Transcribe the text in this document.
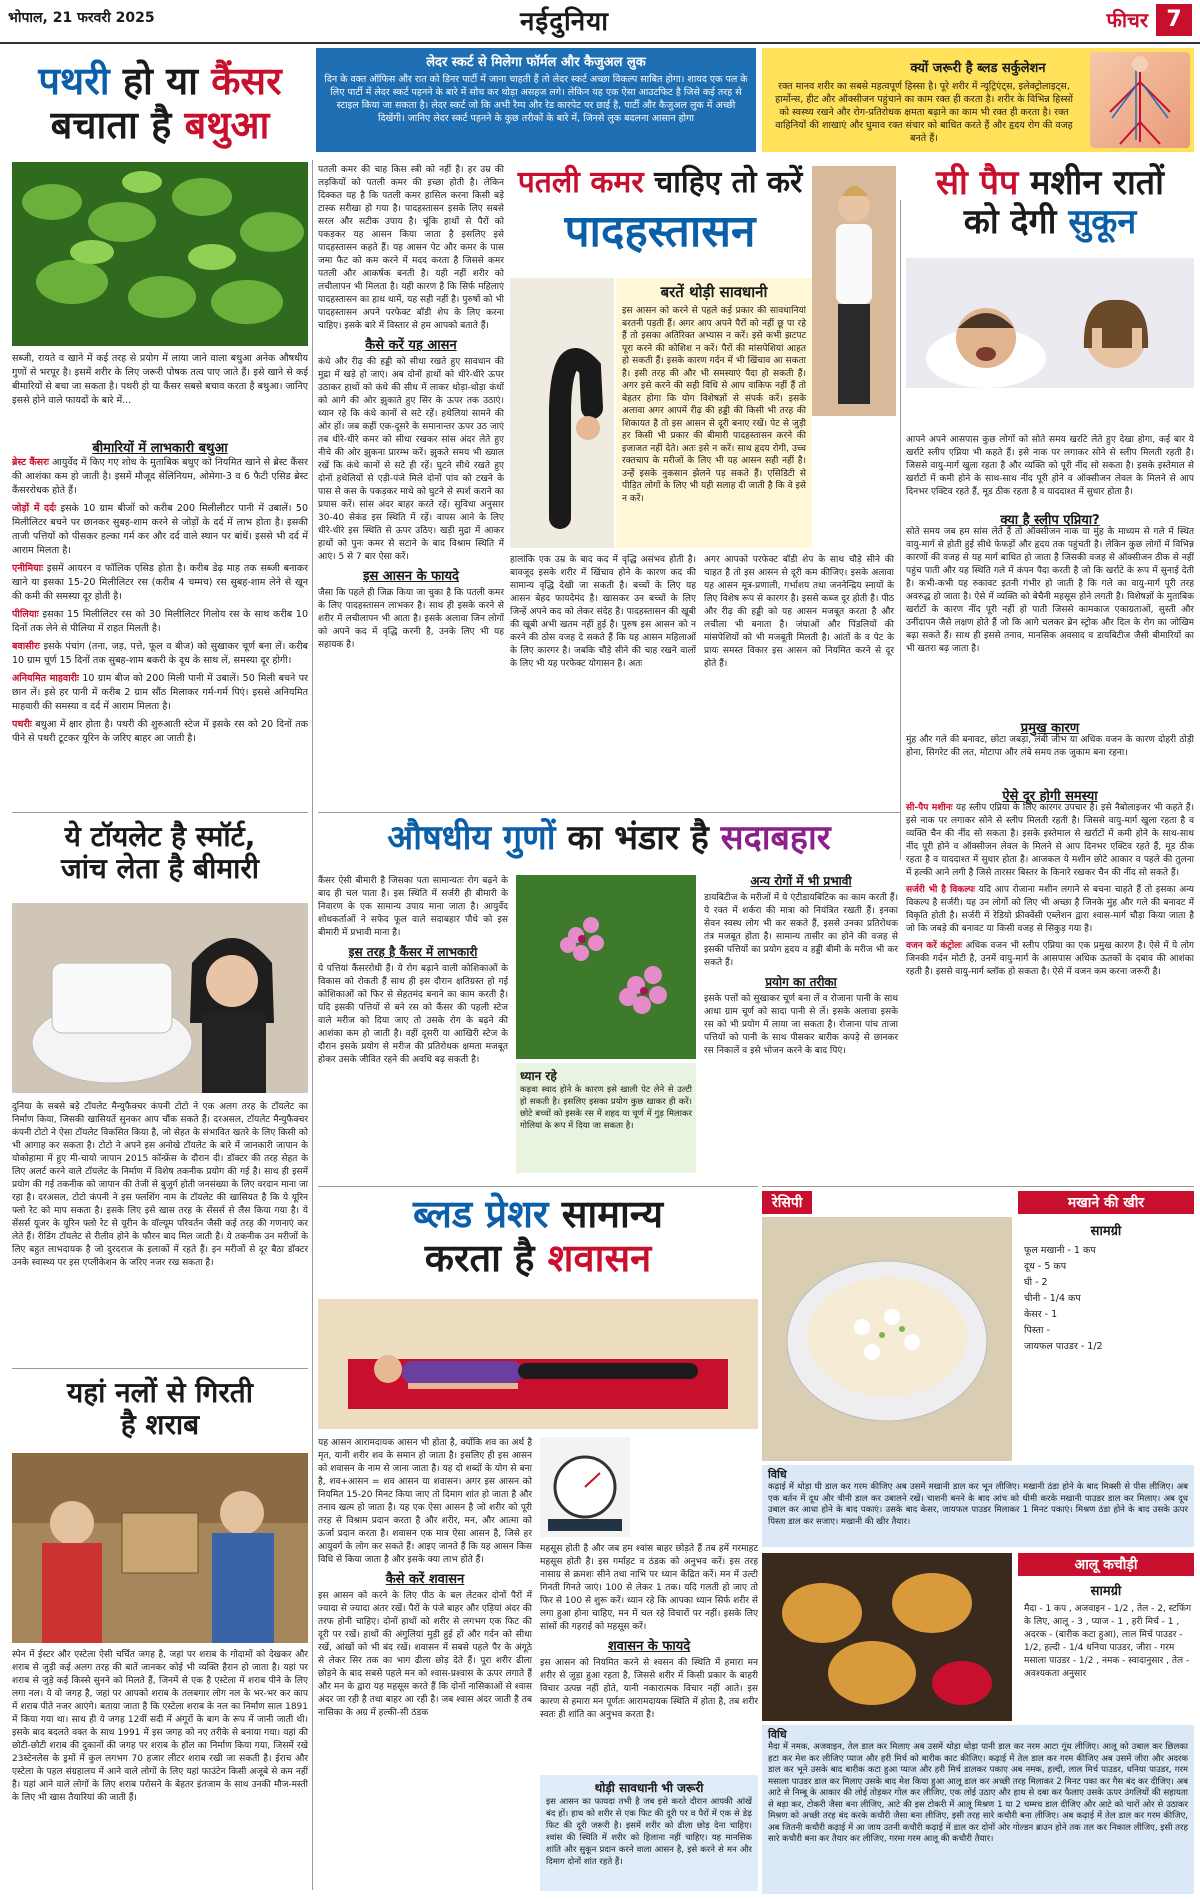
भोपाल, 21 फरवरी 2025	नईदुनिया	फीचर 7
लेदर स्कर्ट से मिलेगा फॉर्मल और कैजुअल लुक
दिन के वक्त ऑफिस और रात को डिनर पार्टी में जाना चाहती हैं तो लेदर स्कर्ट अच्छा विकल्प साबित होगा। शायद एक पल के लिए पार्टी में लेदर स्कर्ट पहनने के बारे में सोच कर थोड़ा असहज लगे। लेकिन यह एक ऐसा आउटफिट है जिसे कई तरह से स्टाइल किया जा सकता है। लेदर स्कर्ट जो कि अभी रैम्प और रेड कारपेट पर छाई है, पार्टी और कैजुअल लुक में अच्छी दिखेंगी। जानिए लेदर स्कर्ट पहनने के कुछ तरीकों के बारे में, जिनसे लुक बदलना आसान होगा
क्यों जरूरी है ब्लड सर्कुलेशन
रक्त मानव शरीर का सबसे महत्वपूर्ण हिस्सा है। पूरे शरीर में न्यूट्रिएंट्स, इलेक्ट्रोलाइट्स, हार्मोन्स, हीट और ऑक्सीजन पहुंचाने का काम रक्त ही करता है। शरीर के विभिन्न हिस्सों को स्वस्थ्य रखने और रोग-प्रतिरोधक क्षमता बढ़ाने का काम भी रक्त ही करता है। रक्त वाहिनियों की शाखाएं और घुमाव रक्त संचार को बाधित करते हैं और हृदय रोग की वजह बनते हैं।
पथरी हो या कैंसर
बचाता है बथुआ
सब्जी, रायते व खाने में कई तरह से प्रयोग में लाया जाने वाला बथुआ अनेक औषधीय गुणों से भरपूर है। इसमें शरीर के लिए जरूरी पोषक तत्व पाए जाते हैं। इसे खाने से कई बीमारियों से बचा जा सकता है। पथरी हो या कैंसर सबसे बचाव करता है बथुआ। जानिए इससे होने वाले फायदों के बारे में...
बीमारियों में लाभकारी बथुआ

ब्रेस्ट कैंसरः आयुर्वेद में किए गए शोध के मुताबिक बथुए को नियमित खाने से ब्रेस्ट कैंसर की आशंका कम हो जाती है। इसमें मौजूद सेलिनियम, ओमेगा-3 व 6 फैटी एसिड ब्रेस्ट कैंसररोधक होते हैं।

जोड़ों में दर्दः इसके 10 ग्राम बीजों को करीब 200 मिलीलीटर पानी में उबालें। 50 मिलीलिटर बचने पर छानकर सुबह-शाम करने से जोड़ों के दर्द में लाभ होता है। इसकी ताजी पत्तियों को पीसकर हल्का गर्म कर और दर्द वाले स्थान पर बांधें। इससे भी दर्द में आराम मिलता है।

एनीमियाः इसमें आयरन व फॉलिक एसिड होता है। करीब डेढ़ माह तक सब्जी बनाकर खाने या इसका 15-20 मिलीलिटर रस (करीब 4 चम्मच) रस सुबह-शाम लेने से खून की कमी की समस्या दूर होती है।

पीलियाः इसका 15 मिलीलिटर रस को 30 मिलीलिटर गिलोय रस के साथ करीब 10 दिनों तक लेने से पीलिया में राहत मिलती है।

बवासीरः इसके पंचांग (तना, जड़, पत्ते, फूल व बीज) को सुखाकर चूर्ण बना लें। करीब 10 ग्राम चूर्ण 15 दिनों तक सुबह-शाम बकरी के दूध के साथ लें, समस्या दूर होगी।

अनियमित माहवारीः 10 ग्राम बीज को 200 मिली पानी में उबालें। 50 मिली बचने पर छान लें। इसे हर पानी में करीब 2 ग्राम सौंठ मिलाकर गर्म-गर्म पिएं। इससे अनियमित माहवारी की समस्या व दर्द में आराम मिलता है।

पथरीः बथुआ में क्षार होता है। पथरी की शुरुआती स्टेज में इसके रस को 20 दिनों तक पीने से पथरी टूटकर यूरिन के जरिए बाहर आ जाती है।

ये टॉयलेट है स्मॉर्ट,
जांच लेता है बीमारी
दुनिया के सबसे बड़े टॉयलेट मैन्युफैक्चर कंपनी टोटो ने एक अलग तरह के टॉयलेट का निर्माण किया, जिसकी खासियतें सुनकर आप चौंक सकते हैं। दरअसल, टॉयलेट मैन्युफैक्चर कंपनी टोटो ने ऐसा टॉयलेट विकसित किया है, जो सेहत के संभावित खतरे के लिए किसी को भी आगाह कर सकता है। टोटो ने अपने इस अनोखे टॉयलेट के बारे में जानकारी जापान के योकोहामा में हुए मी-चायो जापान 2015 कॉन्फ्रेंस के दौरान दी। डॉक्टर की तरह सेहत के लिए अलर्ट करने वाले टॉयलेट के निर्माण में विशेष तकनीक प्रयोग की गई है। साथ ही इसमें प्रयोग की गई तकनीक को जापान की तेजी से बुजुर्ग होती जनसंख्या के लिए वरदान माना जा रहा है। दरअसल, टोटो कंपनी ने इस फ्लशिंग नाम के टॉयलेट की खासियत है कि ये यूरिन फ्लो रेट को माप सकता है। इसके लिए इसे खास तरह के सेंसर्स से लैस किया गया है। ये सेंसर्स यूजर के यूरिन फ्लो रेट से यूरीन के वॉल्यूम परिवर्तन जैसी कई तरह की गणनाएं कर लेते हैं। रीडिंग टॉयलेट से रीलीव होने के फौरन बाद मिल जाती है। ये तकनीक उन मरीजों के लिए बहुत लाभदायक है जो दुरदराज के इलाकों में रहते हैं। इन मरीजों से दूर बैठा डॉक्टर उनके स्वास्थ्य पर इस एप्लीकेशन के जरिए नजर रख सकता है।
यहां नलों से गिरती
है शराब
स्पेन में ईस्टर और एस्टेला ऐसी चर्चित जगह है, जहां पर शराब के गोदामों को देखकर और शराब से जुड़ी कई अलग तरह की बातें जानकर कोई भी व्यक्ति हैरान हो जाता है। यहां पर शराब से जुड़े कई किस्से सुनने को मिलते हैं, जिनमें से एक है एस्टेला में शराब पीने के लिए लगा नल। ये वो जगह है, जहां पर आपको शराब के तलबगार लोग नल के भर-भर कर काप में शराब पीते नजर आएंगे। बताया जाता है कि एस्टेला शराब के नल का निर्माण साल 1891 में किया गया था। साथ ही ये जगह 12वीं सदी में अंगूरों के बाग के रूप में जानी जाती थी। इसके बाद बदलते वक्त के साथ 1991 में इस जगह को नए तरीके से बनाया गया। यहां की छोटी-छोटी शराब की दुकानों की जगह पर शराब के हॉल का निर्माण किया गया, जिसमें रखे 23स्टेनलेस के ड्रमों में कुल लगभग 70 हजार लीटर शराब रखी जा सकती है। ईराच और एस्टेला के पहल संग्रहालय में आने वाले लोगों के लिए यहां फाउंटेन किसी अजूबे से कम नहीं है। यहां आने वाले लोगों के लिए शराब परोसने के बेहतर इंतजाम के साथ उनकी मौज-मस्ती के लिए भी खास तैयारियां की जाती हैं।

पतली कमर की चाह किस स्त्री को नहीं है। हर उम्र की लड़कियों को पतली कमर की इच्छा होती है। लेकिन दिक्कत यह है कि पतली कमर हासिल करना किसी बड़े टास्क सरीखा हो गया है। पादहस्तासन इसके लिए सबसे सरल और सटीक उपाय है। चूंकि हाथों से पैरों को पकड़कर यह आसन किया जाता है इसलिए इसे पादहस्तासन कहते हैं। यह आसन पेट और कमर के पास जमा फैट को कम करने में मदद करता है जिससे कमर पतली और आकर्षक बनती है। यही नहीं शरीर को लचीलापन भी मिलता है। यही कारण है कि सिर्फ महिलाएं पादहस्तासन का हाथ थामें, यह सही नहीं है। पुरुषों को भी पादहस्तासन अपने परफेक्ट बॉडी शेप के लिए करना चाहिए। इसके बारे में विस्तार से हम आपको बताते हैं।

कैसे करें यह आसन

कंधे और रीढ़ की हड्डी को सीधा रखते हुए सावधान की मुद्रा में खड़े हो जाएं। अब दोनों हाथों को धीरे-धीरे ऊपर उठाकर हाथों को कंधे की सीध में लाकर थोड़ा-थोड़ा कंधों को आगे की ओर झुकाते हुए सिर के ऊपर तक उठाएं। ध्यान रहे कि कंधे कानों से सटे रहें। हथेलियां सामने की ओर हों। जब कहीं एक-दूसरे के समानान्तर ऊपर उठ जाएं तब धीरे-धीरे कमर को सीधा रखकर सांस अंदर लेते हुए नीचे की ओर झुकना प्रारम्भ करें। झुकते समय भी ख्याल रखें कि कंधे कानों से सटे ही रहें। घुटने सीधे रखते हुए दोनों हथेलियों से एड़ी-पंजे मिले दोनों पांव को टखने के पास से कस के पकड़कर माथे को घुटने से स्पर्श कराने का प्रयास करें। सांस अंदर बाहर करते रहें। सुविधा अनुसार 30-40 सेकंड इस स्थिति में रहें। वापस आने के लिए धीरे-धीरे इस स्थिति से ऊपर उठिए। खड़ी मुद्रा में आकर हाथों को पुनः कमर से सटाने के बाद विश्राम स्थिति में आएं। 5 से 7 बार ऐसा करें।

इस आसन के फायदे

जैसा कि पहले ही जिक्र किया जा चुका है कि पतली कमर के लिए पादहस्तासन लाभकर है। साथ ही इसके करने से शरीर में लचीलापन भी आता है। इसके अलावा जिन लोगों को अपने कद में वृद्धि करनी है, उनके लिए भी यह सहायक है।

पतली कमर चाहिए तो करें
पादहस्तासन
बरतें थोड़ी सावधानी
इस आसन को करने से पहले कई प्रकार की सावधानियां बरतनी पड़ती हैं। अगर आप अपने पैरों को नहीं छू पा रहे हैं तो इसका अतिरिक्त अभ्यास न करें। इसे कभी झटपट पूरा करने की कोशिश न करें। पैरों की मांसपेशियां आहत हो सकती हैं। इसके कारण गर्दन में भी खिंचाव आ सकता है। इसी तरह की और भी समस्याएं पैदा हो सकती हैं। अगर इसे करने की सही विधि से आप वाकिफ नहीं हैं तो बेहतर होगा कि योग विशेषज्ञों से संपर्क करें। इसके अलावा अगर आपमें रीढ़ की हड्डी की किसी भी तरह की शिकायत है तो इस आसन से दूरी बनाए रखें। पेट से जुड़ी हर किसी भी प्रकार की बीमारी पादहस्तासन करने की इजाजत नहीं देते। अतः इसे न करें। साथ हृदय रोगी, उच्च रक्तचाप के मरीजों के लिए भी यह आसन सही नहीं है। उन्हें इसके नुकसान झेलने पड़ सकते हैं। एसिडिटी से पीड़ित लोगों के लिए भी यही सलाह दी जाती है कि वे इसे न करें।
हालांकि एक उम्र के बाद कद में वृद्धि असंभव होती है। बावजूद इसके शरीर में खिंचाव होने के कारण कद की सामान्य वृद्धि देखी जा सकती है। बच्चों के लिए यह आसन बेहद फायदेमंद है। खासकर उन बच्चों के लिए जिन्हें अपने कद को लेकर संदेह है। पादहस्तासन की खूबी की खूबी अभी खतम नहीं हुई है। पुरुष इस आसन को न करने की ठोस वजह दे सकते हैं कि यह आसन महिलाओं के लिए कारगर है। जबकि चौड़े सीने की चाह रखने वालों के लिए भी यह परफेक्ट योगासन है। अतः
अगर आपको परफेक्ट बॉडी शेप के साथ चौड़े सीने की चाहत है तो इस आसन से दूरी कम कीजिए। इसके अलावा यह आसन मूत्र-प्रणाली, गर्भाशय तथा जननेन्द्रिय स्नायों के लिए विशेष रूप से कारगर है। इससे कब्ज दूर होती है। पीठ और रीढ़ की हड्डी को यह आसन मजबूत करता है और लचीला भी बनाता है। जंघाओं और पिंडलियों की मांसपेशियों को भी मजबूती मिलती है। आंतों के व पेट के प्रायः समस्त विकार इस आसन को नियमित करने से दूर होते हैं।
सी पैप मशीन रातों
को देगी सुकून
आपने अपने आसपास कुछ लोगों को सोते समय खर्राटे लेते हुए देखा होगा, कई बार ये खर्राटे स्लीप एप्निया भी कहते हैं। इसे नाक पर लगाकर सोने से स्लीप मिलती रहती है। जिससे वायु-मार्ग खुला रहता है और व्यक्ति को पूरी नींद सो सकता है। इसके इस्तेमाल से खर्राटों में कमी होने के साथ-साथ नींद पूरी होने व ऑक्सीजन लेवल के मिलने से आप दिनभर एक्टिव रहते हैं, मूड ठीक रहता है व याददाश्त में सुधार होता है।
क्या है स्लीप एप्निया?
सोते समय जब हम सांस लेते हैं तो ऑक्सीजन नाक या मुंह के माध्यम से गले में स्थित वायु-मार्ग से होती हुई सीधे फेफड़ों और हृदय तक पहुंचती है। लेकिन कुछ लोगों में विभिन्न कारणों की वजह से यह मार्ग बाधित हो जाता है जिसकी वजह से ऑक्सीजन ठीक से नहीं पहुंच पाती और यह स्थिति गले में कंपन पैदा करती है जो कि खर्राटे के रूप में सुनाई देती है। कभी-कभी यह रुकावट इतनी गंभीर हो जाती है कि गले का वायु-मार्ग पूरी तरह अवरुद्ध हो जाता है। ऐसे में व्यक्ति को बेचैनी महसूस होने लगती है। विशेषज्ञों के मुताबिक खर्राटों के कारण नींद पूरी नहीं हो पाती जिससे कामकाज एकाग्रताओं, सुस्ती और उनींदापन जैसे लक्षण होते हैं जो कि आगे चलकर ब्रेन स्ट्रोक और दिल के रोग का जोखिम बढ़ा सकते हैं। साथ ही इससे तनाव, मानसिक अवसाद व डायबिटीज जैसी बीमारियों का भी खतरा बढ़ जाता है।
प्रमुख कारण
मुंह और गले की बनावट, छोटा जबड़ा, लंबी जीभ या अधिक वजन के कारण दोहरी ठोड़ी होना, सिगरेट की लत, मोटापा और लंबे समय तक जुकाम बना रहना।
ऐसे दूर होगी समस्या

सी-पैप मशीनः यह स्लीप एप्निया के लिए कारगर उपचार है। इसे नैबोलाइजर भी कहते हैं। इसे नाक पर लगाकर सोने से स्लीप मिलती रहती है। जिससे वायु-मार्ग खुला रहता है व व्यक्ति चैन की नींद सो सकता है। इसके इस्तेमाल से खर्राटों में कमी होने के साथ-साथ नींद पूरी होने व ऑक्सीजन लेवल के मिलने से आप दिनभर एक्टिव रहते हैं, मूड ठीक रहता है व याददाश्त में सुधार होता है। आजकल ये मशीन छोटे आकार व पहले की तुलना में हल्की आने लगी है जिसे तारसर बिस्तर के किनारे रखकर चैन की नींद सो सकते हैं।

सर्जरी भी है विकल्पः यदि आप रोजाना मशीन लगाने से बचना चाहते हैं तो इसका अन्य विकल्प है सर्जरी। यह उन लोगों को लिए भी अच्छा है जिनके मुंह और गले की बनावट में विकृति होती है। सर्जरी में रेडियो फ्रीक्वेंसी एब्लेशन द्वारा श्वास-मार्ग चौड़ा किया जाता है जो कि जबड़े की बनावट या किसी वजह से सिकुड़ गया है।

वजन करें कंट्रोलः अधिक वजन भी स्लीप एप्निया का एक प्रमुख कारण है। ऐसे में ये लोग जिनकी गर्दन मोटी है, उनमें वायु-मार्ग के आसपास अधिक ऊतकों के दबाव की आशंका रहती है। इससे वायु-मार्ग ब्लॉक हो सकता है। ऐसे में वजन कम करना जरूरी है।

औषधीय गुणों का भंडार है सदाबहार

कैंसर ऐसी बीमारी है जिसका पता सामान्यतः रोग बढ़ने के बाद ही चल पाता है। इस स्थिति में सर्जरी ही बीमारी के निवारण के एक सामान्य उपाय माना जाता है। आयुर्वेद शोधकर्ताओं ने सफेद फूल वाले सदाबहार पौधे को इस बीमारी में प्रभावी माना है।

इस तरह है कैंसर में लाभकारी

ये पत्तियां कैंसररोधी हैं। ये रोग बढ़ाने वाली कोशिकाओं के विकास को रोकती हैं साथ ही इस दौरान क्षतिग्रस्त हो गई कोशिकाओं को फिर से सेहतमंद बनाने का काम करती है। यदि इसकी पत्तियों से बने रस को कैंसर की पहली स्टेज वाले मरीज को दिया जाए तो उसके रोग के बढ़ने की आशंका कम हो जाती है। वहीं दूसरी या आखिरी स्टेज के दौरान इसके प्रयोग से मरीज की प्रतिरोधक क्षमता मजबूत होकर उसके जीवित रहने की अवधि बढ़ सकती है।

ध्यान रहे
कड़वा स्वाद होने के कारण इसे खाली पेट लेने से उल्टी हो सकती है। इसलिए इसका प्रयोग कुछ खाकर ही करें। छोटे बच्चों को इसके रस में शहद या चूर्ण में गुड़ मिलाकर गोलियां के रूप में दिया जा सकता है।
अन्य रोगों में भी प्रभावी

डायबिटीज के मरीजों में ये एंटीडायबिटिक का काम करती हैं। ये रक्त में शर्करा की मात्रा को नियंत्रित रखती हैं। इनका सेवन स्वस्थ लोग भी कर सकते हैं, इससे उनका प्रतिरोधक तंत्र मजबूत होता है। सामान्य तासीर का होने की वजह से इसकी पत्तियों का प्रयोग हृदय व हड्डी बीमी के मरीज भी कर सकते हैं।

प्रयोग का तरीका

इसके पत्तों को सुखाकर चूर्ण बना लें व रोजाना पानी के साथ आधा ग्राम चूर्ण को सादा पानी से लें। इसके अलावा इसके रस को भी प्रयोग में लाया जा सकता है। रोजाना पांच ताजा पत्तियों को पानी के साथ पीसकर बारीक कपड़े से छानकर रस निकालें व इसे भोजन करने के बाद पिएं।

ब्लड प्रेशर सामान्य
करता है शवासन

यह आसन आरामदायक आसन भी होता है, क्योंकि शव का अर्थ है मृत, यानी शरीर शव के समान हो जाता है। इसलिए ही इस आसन को शवासन के नाम से जाना जाता है। यह दो शब्दों के योग से बना है, शव+आसन = शव आसन या शवासन। अगर इस आसन को नियमित 15-20 मिनट किया जाए तो दिमाग शांत हो जाता है और तनाव खत्म हो जाता है। यह एक ऐसा आसन है जो शरीर को पूरी तरह से विश्राम प्रदान करता है और शरीर, मन, और आत्मा को ऊर्जा प्रदान करता है। शवासन एक मात्र ऐसा आसन है, जिसे हर आयुवर्ग के लोग कर सकते हैं। आइए जानते हैं कि यह आसन किस विधि से किया जाता है और इसके क्या लाभ होते हैं।

कैसे करें शवासन

इस आसन को करने के लिए पीठ के बल लेटकर दोनों पैरों में ज्यादा से ज्यादा अंतर रखें। पैरों के पंजे बाहर और एड़ियां अंदर की तरफ होनी चाहिए। दोनों हाथों को शरीर से लगभग एक फिट की दूरी पर रखें। हाथों की अंगुलियां मुड़ी हुई हों और गर्दन को सीधा रखें, आंखों को भी बंद रखें। शवासन में सबसे पहले पैर के अंगूठे से लेकर सिर तक का भाग ढीला छोड़ देते हैं। पूरा शरीर ढीला छोड़ने के बाद सबसे पहले मन को श्वास-प्रश्वास के ऊपर लगाते हैं और मन के द्वारा यह महसूस करते हैं कि दोनों नासिकाओं से श्वास अंदर जा रही है तथा बाहर आ रही है। जब श्वास अंदर जाती है तब नासिका के अग्र में हल्की-सी ठंडक

महसूस होती है और जब हम श्वांस बाहर छोड़ते हैं तब हमें गरमाहट महसूस होती है। इस गर्माहट व ठंडक को अनुभव करें। इस तरह नासाग्र से क्रमशः सीने तथा नाभि पर ध्यान केंद्रित करें। मन में उल्टी गिनती गिनते जाएं। 100 से लेकर 1 तक। यदि गलती हो जाए तो फिर से 100 से शुरू करें। ध्यान रहे कि आपका ध्यान सिर्फ शरीर से लगा हुआ होना चाहिए, मन में चल रहे विचारों पर नहीं। इसके लिए सांसों की गहराई को महसूस करें।

शवासन के फायदे

इस आसन को नियमित करने से श्वसन की स्थिति में हमारा मन शरीर से जुड़ा हुआ रहता है, जिससे शरीर में किसी प्रकार के बाहरी विचार उत्पन्न नहीं होते, यानी नकारात्मक विचार नहीं आते। इस कारण से हमारा मन पूर्णतः आरामदायक स्थिति में होता है, तब शरीर स्वतः ही शांति का अनुभव करता है।

थोड़ी सावधानी भी जरूरी
इस आसन का फायदा तभी है जब इसे करते दौरान आपकी आंखें बंद हों। हाथ को शरीर से एक फिट की दूरी पर व पैरों में एक से डेढ़ फिट की दूरी जरूरी है। इसमें शरीर को ढीला छोड़ देना चाहिए। श्वांस की स्थिति में शरीर को हिलाना नहीं चाहिए। यह मानसिक शांति और सुकून प्रदान करने वाला आसन है, इसे करने से मन और दिमाग दोनों शांत रहते हैं।
रेसिपी	मखाने की खीर
सामग्री
फूल मखानी - 1 कप
दूध - 5 कप
घी - 2
चीनी - 1/4 कप
केसर - 1
पिस्ता -
जायफल पाउडर - 1/2
विधि
कढ़ाई में थोड़ा घी डाल कर गरम कीजिए अब उसमें मखानी डाल कर भून लीजिए। मखानी ठंडा होने के बाद मिक्सी से पीस लीजिए। अब एक बर्तन में दूध और चीनी डाल कर उबालने रखें। चाशनी बनने के बाद आंच को धीमी करके मखानी पाउडर डाल कर मिलाए। अब दूध उबाल कर आधा होने के बाद पकाएं। उसके बाद केसर, जायफल पाउडर मिलाकर 1 मिनट पकाएं। मिश्रण ठंडा होने के बाद उसके ऊपर पिस्ता डाल कर सजाए। मखानी की खीर तैयार।
आलू कचौड़ी
सामग्री
मैदा - 1 कप , अजवाइन - 1/2 , तेल - 2, स्टफिंग के लिए, आलू - 3 , प्याज - 1 , हरी मिर्च - 1 , अदरक - (बारीक कटा हुआ), लाल मिर्च पाउडर - 1/2, हल्दी - 1/4 धनिया पाउडर, जीरा - गरम मसाला पाउडर - 1/2 , नमक - स्वादानुसार , तेल - अवश्यकता अनुसार
विधि
मैदा में नमक, अजवाइन, तेल डाल कर मिलाए अब उसमें थोड़ा थोड़ा पानी डाल कर नरम आटा गूंथ लीजिए। आलू को उबाल कर छिलका हटा कर मेश कर लीजिए प्याज और हरी मिर्च को बारीक काट कीजिए। कढ़ाई में तेल डाल कर गरम कीजिए अब उसमें जीरा और अदरक डाल कर भूने उसके बाद बारीक कटा हुआ प्याज और हरी मिर्च डालकर पकाए अब नमक, हल्दी, लाल मिर्च पाउडर, धनिया पाउडर, गरम मसाला पाउडर डाल कर मिलाए उसके बाद मेश किया हुआ आलू डाल कर अच्छी तरह मिलाकर 2 मिनट पका कर गैस बंद कर दीजिए। अब आटे से निम्बू के आकार की लोई तोड़कर गोल कर लीजिए, एक लोई उठाए और हाथ से दबा कर फैलाए उसके ऊपर उंगलियों की सहायता से बड़ा कर, टोकरी जैसा बना लीजिए, आटे की इस टोकरी में आलू मिश्रण 1 या 2 चम्मच डाल दीजिए और आटे को चारों ओर से उठाकर मिश्रण को अच्छी तरह बंद करके कचौरी जैसा बना लीजिए, इसी तरह सारे कचौरी बना लीजिए। अब कढ़ाई में तेल डाल कर गरम कीजिए, अब जितनी कचौरी कढ़ाई में आ जाय उतनी कचौरी कढ़ाई में डाल कर दोनों ओर गोल्डन ब्राउन होने तक तल कर निकाल लीजिए, इसी तरह सारे कचौरी बना कर तैयार कर लीजिए, गरमा गरम आलू की कचौरी तैयार।
